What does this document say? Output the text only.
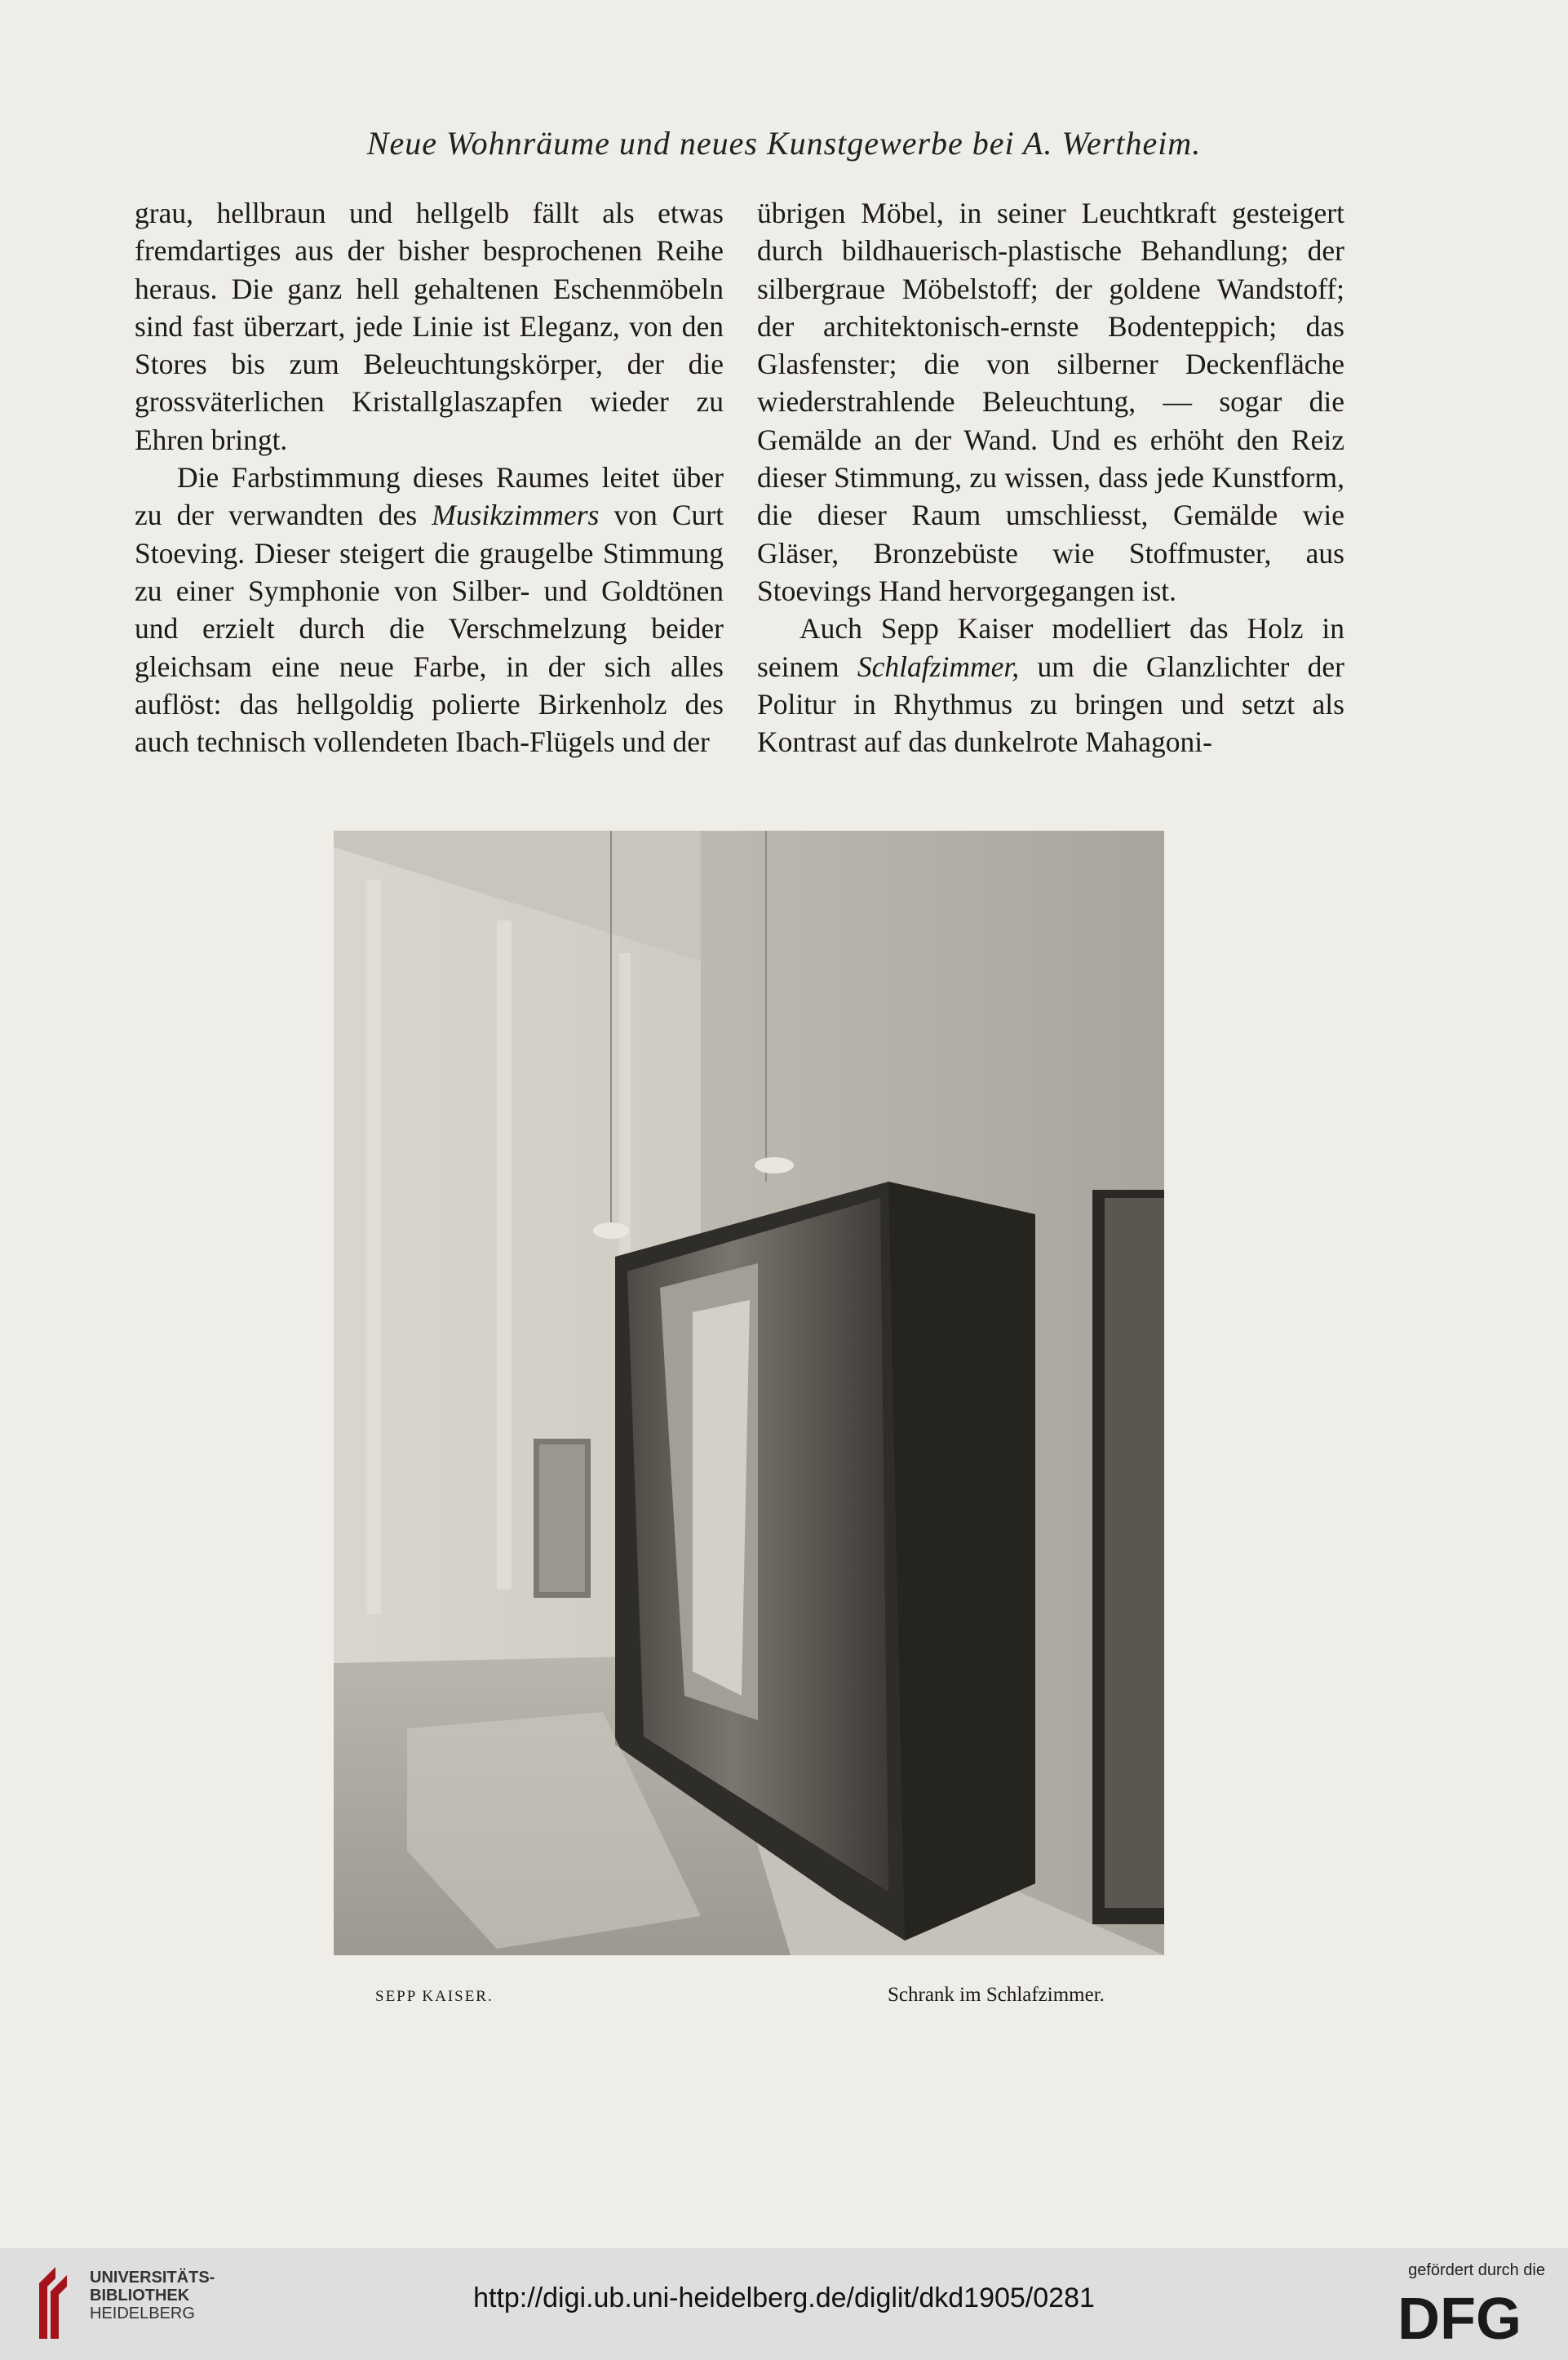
Neue Wohnräume und neues Kunstgewerbe bei A. Wertheim.

grau, hellbraun und hellgelb fällt als etwas fremdartiges aus der bisher besprochenen Reihe heraus. Die ganz hell gehaltenen Eschenmöbeln sind fast überzart, jede Linie ist Eleganz, von den Stores bis zum Beleuchtungskörper, der die grossväterlichen Kristallglaszapfen wieder zu Ehren bringt.

Die Farbstimmung dieses Raumes leitet über zu der verwandten des Musikzimmers von Curt Stoeving. Dieser steigert die graugelbe Stimmung zu einer Symphonie von Silber- und Goldtönen und erzielt durch die Verschmelzung beider gleichsam eine neue Farbe, in der sich alles auflöst: das hellgoldig polierte Birkenholz des auch technisch vollendeten Ibach-Flügels und der

übrigen Möbel, in seiner Leuchtkraft gesteigert durch bildhauerisch-plastische Behandlung; der silbergraue Möbelstoff; der goldene Wandstoff; der architektonisch-ernste Bodenteppich; das Glasfenster; die von silberner Deckenfläche wiederstrahlende Beleuchtung, — sogar die Gemälde an der Wand. Und es erhöht den Reiz dieser Stimmung, zu wissen, dass jede Kunstform, die dieser Raum umschliesst, Gemälde wie Gläser, Bronzebüste wie Stoffmuster, aus Stoevings Hand hervorgegangen ist.

Auch Sepp Kaiser modelliert das Holz in seinem Schlafzimmer, um die Glanzlichter der Politur in Rhythmus zu bringen und setzt als Kontrast auf das dunkelrote Mahagoni-

SEPP KAISER.	Schrank im Schlafzimmer.
UNIVERSITÄTS-
BIBLIOTHEK
HEIDELBERG	http://digi.ub.uni-heidelberg.de/diglit/dkd1905/0281
gefördert durch die
DFG
